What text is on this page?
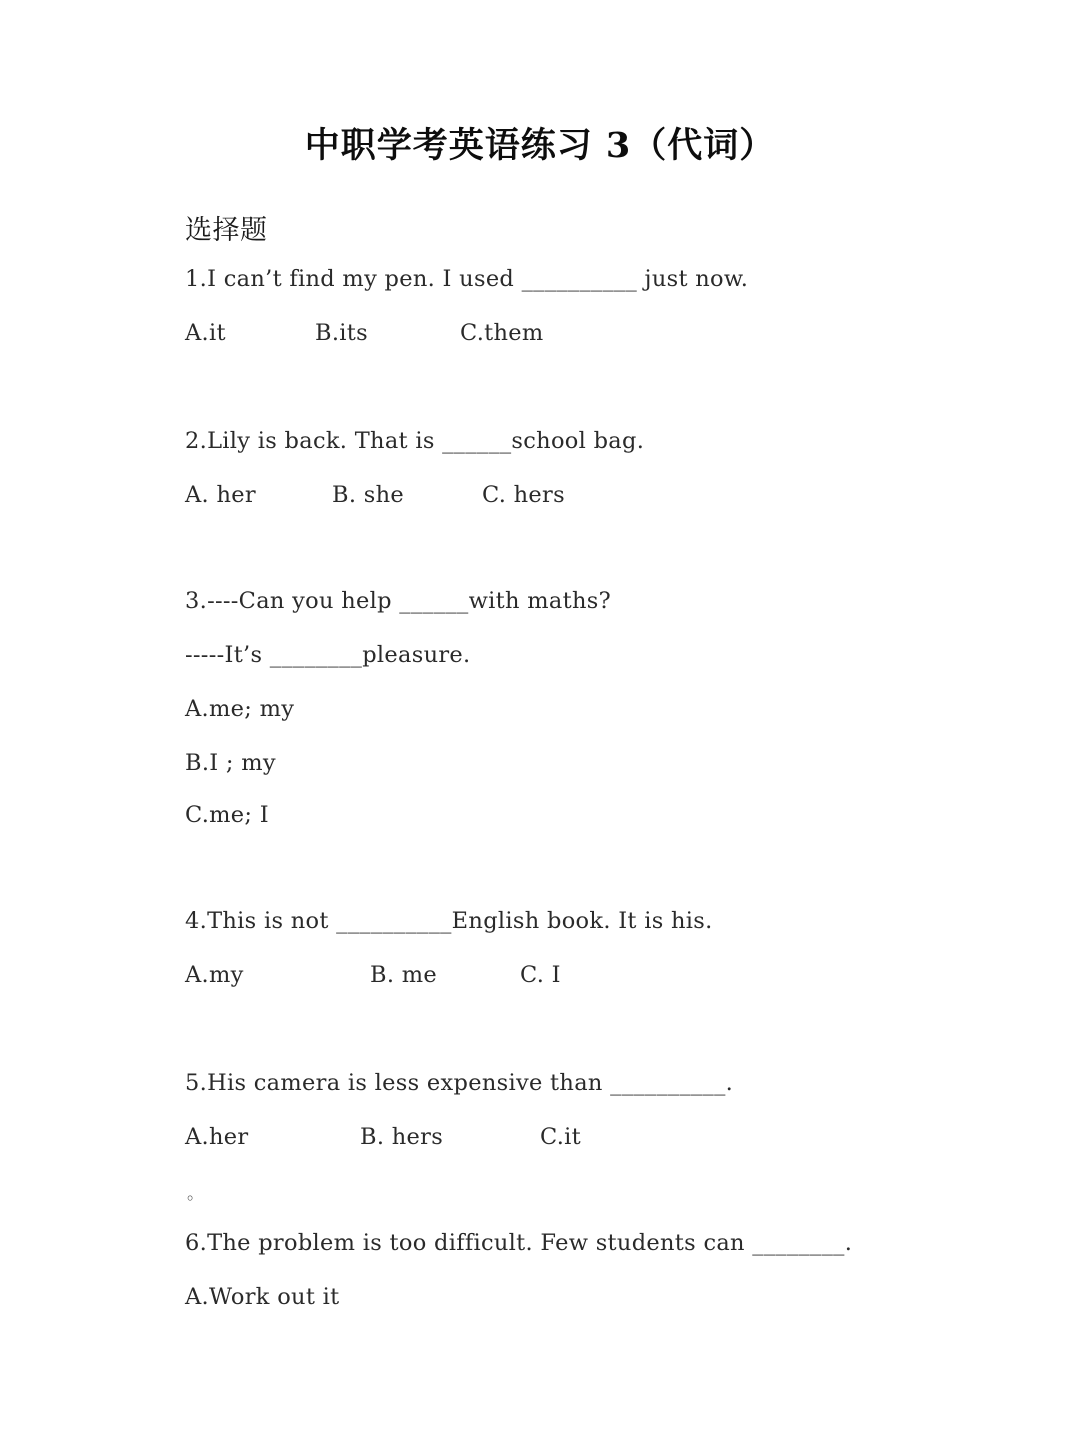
中职学考英语练习 3（代词）
选择题
1.I can’t find my pen. I used __________ just now.
A.it	B.its	C.them
2.Lily is back. That is ______school bag.
A. her	B. she	C. hers
3.----Can you help ______with maths?
-----It’s ________pleasure.
A.me; my
B.I ; my
C.me; I
4.This is not __________English book. It is his.
A.my	B. me	C. I
5.His camera is less expensive than __________.
A.her	B. hers	C.it
。
6.The problem is too difficult. Few students can ________.
A.Work out it
